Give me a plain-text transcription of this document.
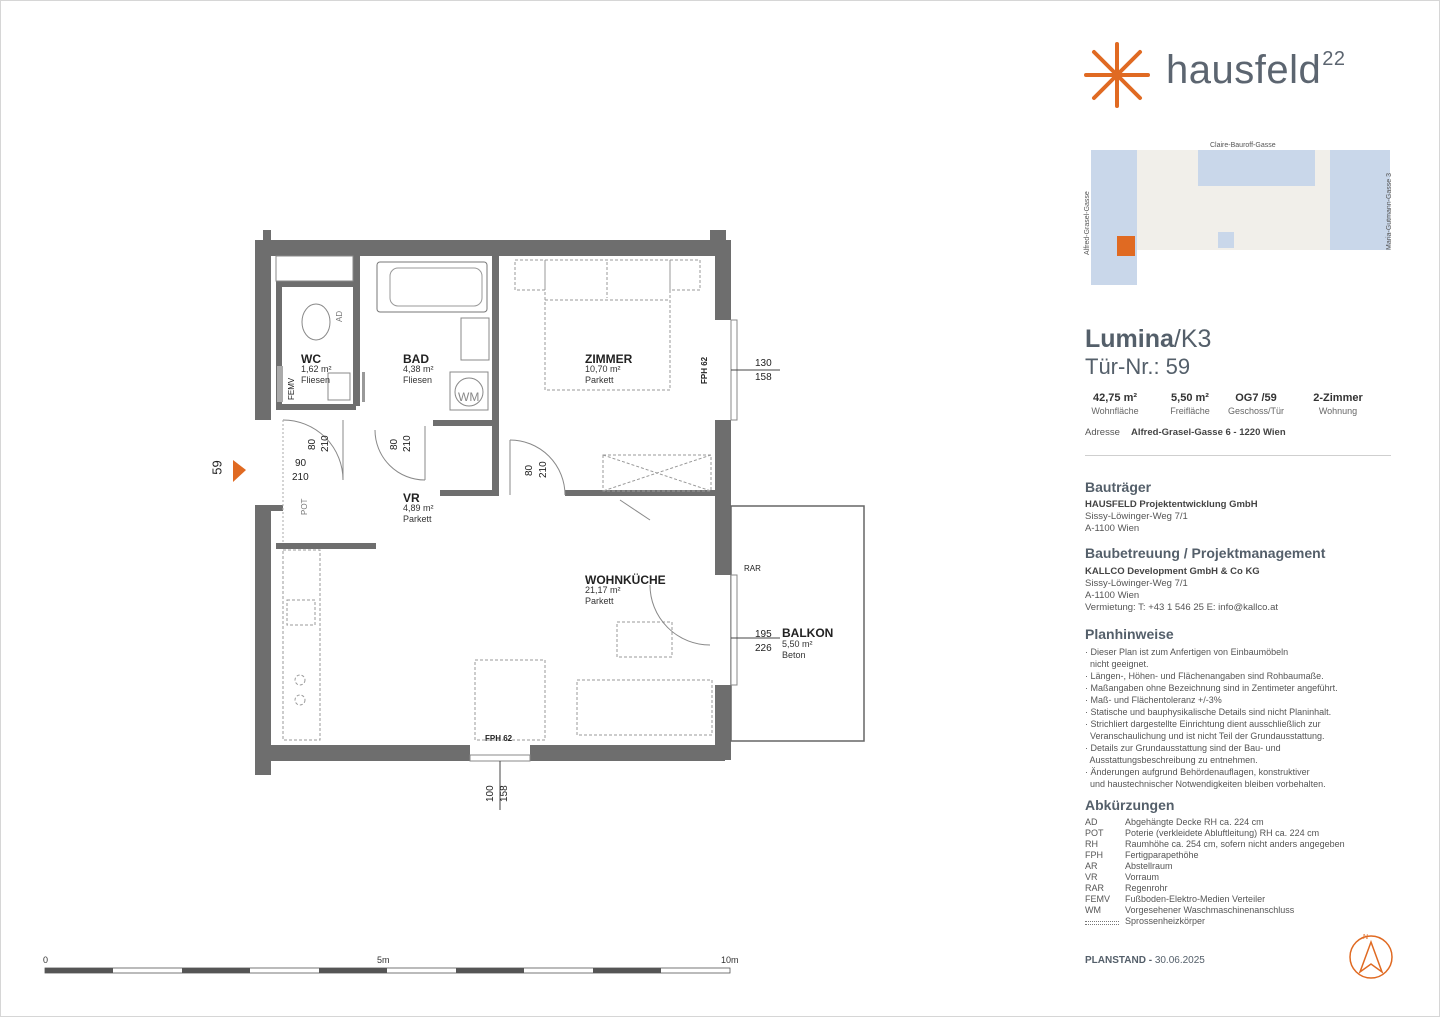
WC
1,62 m²
Fliesen
BAD
4,38 m²
Fliesen
ZIMMER
10,70 m²
Parkett
VR
4,89 m²
Parkett
WOHNKÜCHE
21,17 m²
Parkett
BALKON
5,50 m²
Beton
WM
FEMV
AD
POT
RAR
FPH 62
FPH 62
59
80 210	80 210
90
210
80 210
130
158
195
226
100 158
0	5m	10m
hausfeld$^{22}$
Claire-Bauroff-Gasse
Alfred-Grasel-Gasse	Maria-Gutmann-Gasse 3
Lumina/K3
Tür-Nr.: 59
42,75 m²
Wohnfläche
5,50 m²
Freifläche
OG7 /59
Geschoss/Tür
2-Zimmer
Wohnung
Adresse Alfred-Grasel-Gasse 6 - 1220 Wien
Bauträger
HAUSFELD Projektentwicklung GmbH
Sissy-Löwinger-Weg 7/1
A-1100 Wien
Baubetreuung / Projektmanagement
KALLCO Development GmbH & Co KG
Sissy-Löwinger-Weg 7/1
A-1100 Wien
Vermietung: T: +43 1 546 25 E: info@kallco.at
Planhinweise
· Dieser Plan ist zum Anfertigen von Einbaumöbeln
nicht geeignet.
· Längen-, Höhen- und Flächenangaben sind Rohbaumaße.
· Maßangaben ohne Bezeichnung sind in Zentimeter angeführt.
· Maß- und Flächentoleranz +/-3%
· Statische und bauphysikalische Details sind nicht Planinhalt.
· Strichliert dargestellte Einrichtung dient ausschließlich zur
Veranschaulichung und ist nicht Teil der Grundausstattung.
· Details zur Grundausstattung sind der Bau- und
Ausstattungsbeschreibung zu entnehmen.
· Änderungen aufgrund Behördenauflagen, konstruktiver
und haustechnischer Notwendigkeiten bleiben vorbehalten.
Abkürzungen
AD	Abgehängte Decke RH ca. 224 cm
POT	Poterie (verkleidete Abluftleitung) RH ca. 224 cm
RH	Raumhöhe ca. 254 cm, sofern nicht anders angegeben
FPH	Fertigparapethöhe
AR	Abstellraum
VR	Vorraum
RAR	Regenrohr
FEMV	Fußboden-Elektro-Medien Verteiler
WM	Vorgesehener Waschmaschinenanschluss
Sprossenheizkörper
PLANSTAND - 30.06.2025
N
